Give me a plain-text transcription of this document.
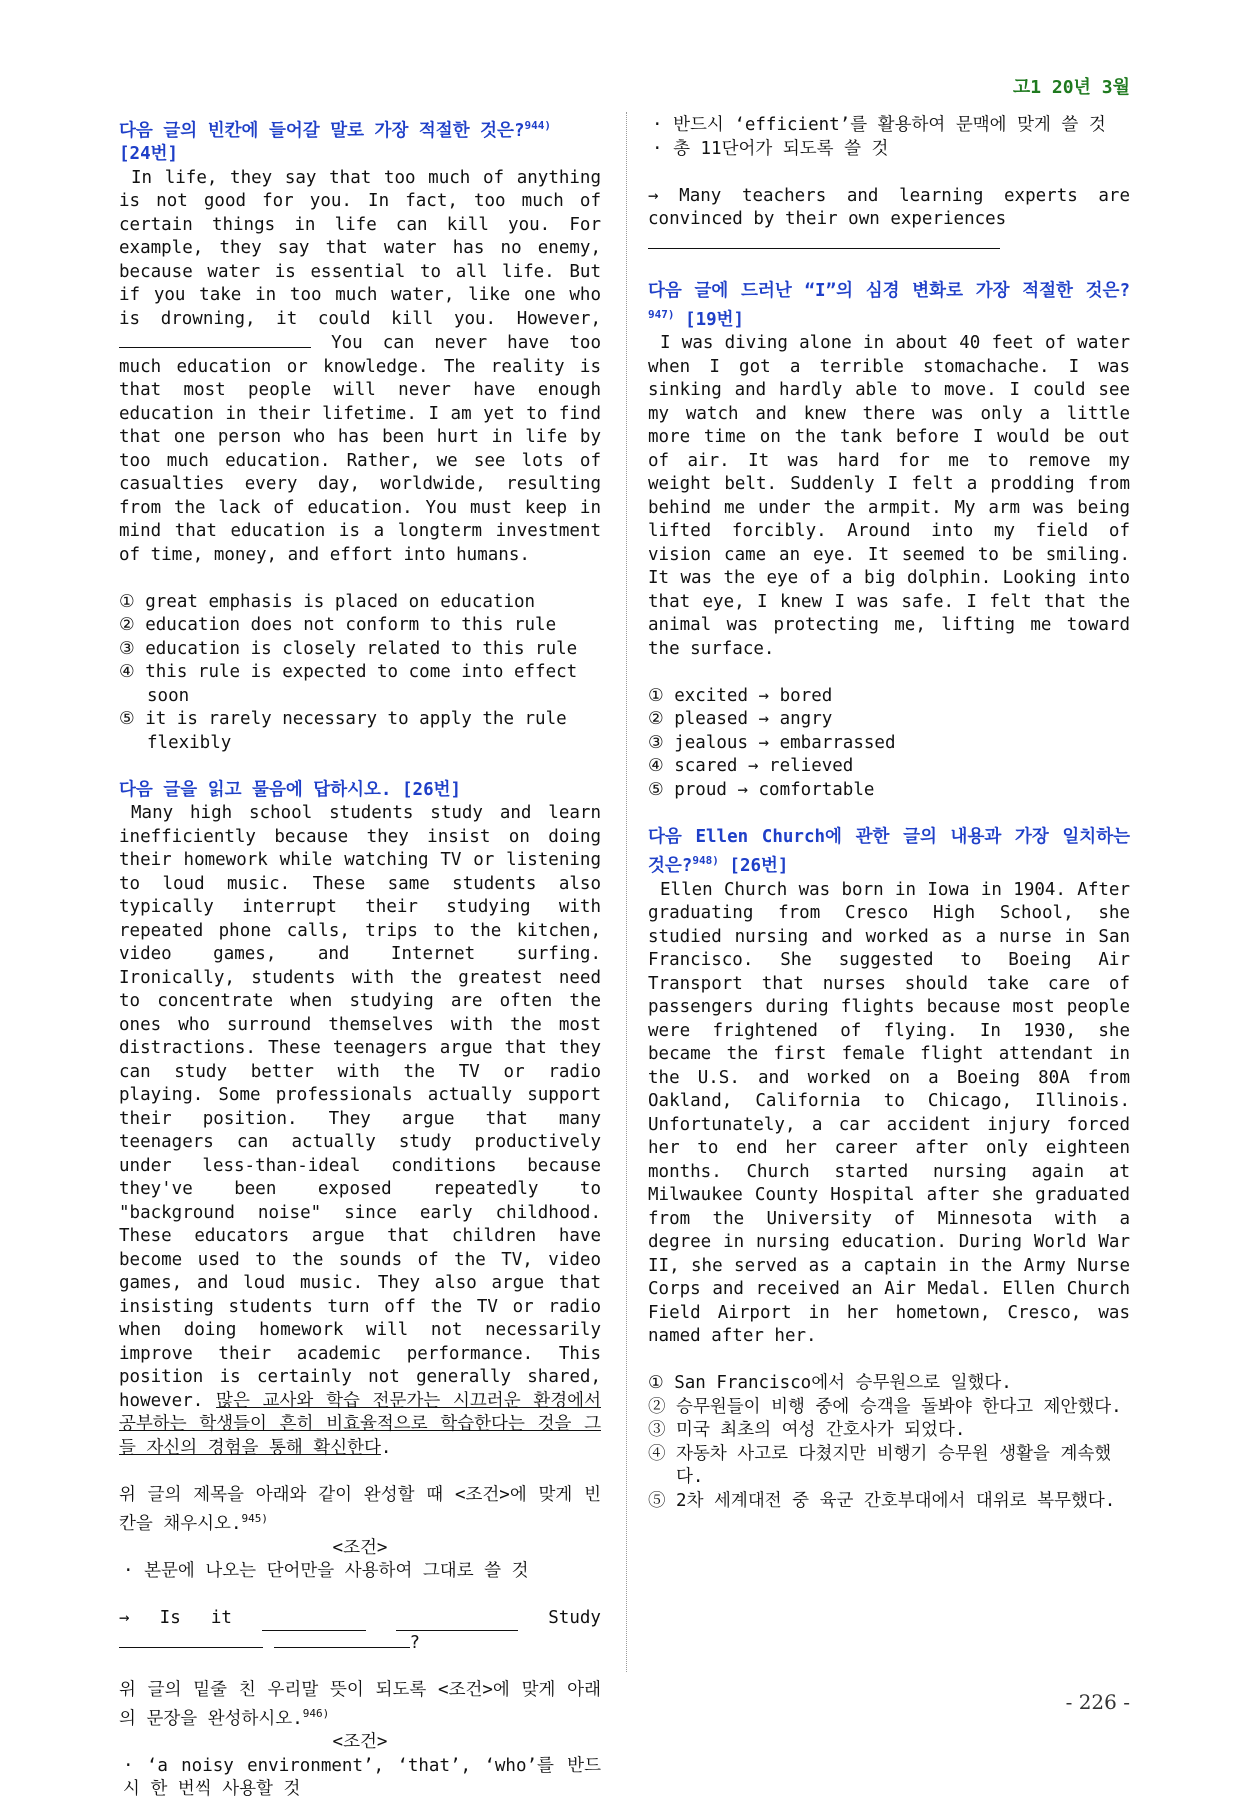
고1 20년 3월

다음 글의 빈칸에 들어갈 말로 가장 적절한 것은?$^{944)}$
[24번]

In life, they say that too much of anything is not good for you. In fact, too much of certain things in life can kill you. For example, they say that water has no enemy, because water is essential to all life. But if you take in too much water, like one who is drowning, it could kill you. However,  You can never have too much education or knowledge. The reality is that most people will never have enough education in their lifetime. I am yet to find that one person who has been hurt in life by too much education. Rather, we see lots of casualties every day, worldwide, resulting from the lack of education. You must keep in mind that education is a longterm investment of time, money, and effort into humans.

① great emphasis is placed on education
② education does not conform to this rule
③ education is closely related to this rule
④ this rule is expected to come into effect soon
⑤ it is rarely necessary to apply the rule flexibly

다음 글을 읽고 물음에 답하시오. [26번]

Many high school students study and learn inefficiently because they insist on doing their homework while watching TV or listening to loud music. These same students also typically interrupt their studying with repeated phone calls, trips to the kitchen, video games, and Internet surfing. Ironically, students with the greatest need to concentrate when studying are often the ones who surround themselves with the most distractions. These teenagers argue that they can study better with the TV or radio playing. Some professionals actually support their position. They argue that many teenagers can actually study productively under less-than-ideal conditions because they've been exposed repeatedly to "background noise" since early childhood. These educators argue that children have become used to the sounds of the TV, video games, and loud music. They also argue that insisting students turn off the TV or radio when doing homework will not necessarily improve their academic performance. This position is certainly not generally shared, however. 많은 교사와 학습 전문가는 시끄러운 환경에서 공부하는 학생들이 흔히 비효율적으로 학습한다는 것을 그들 자신의 경험을 통해 확신한다.

위 글의 제목을 아래와 같이 완성할 때 <조건>에 맞게 빈칸을 채우시오.$^{945)}$

<조건>

· 본문에 나오는 단어만을 사용하여 그대로 쓸 것

→ Is it	Study
?

위 글의 밑줄 친 우리말 뜻이 되도록 <조건>에 맞게 아래의 문장을 완성하시오.$^{946)}$

<조건>

· ‘a noisy environment’, ‘that’, ‘who’를 반드시 한 번씩 사용할 것

· 반드시 ‘efficient’를 활용하여 문맥에 맞게 쓸 것

· 총 11단어가 되도록 쓸 것

→ Many teachers and learning experts are convinced by their own experiences

다음 글에 드러난 “I”의 심경 변화로 가장 적절한 것은?$^{947)}$ [19번]

I was diving alone in about 40 feet of water when I got a terrible stomachache. I was sinking and hardly able to move. I could see my watch and knew there was only a little more time on the tank before I would be out of air. It was hard for me to remove my weight belt. Suddenly I felt a prodding from behind me under the armpit. My arm was being lifted forcibly. Around into my field of vision came an eye. It seemed to be smiling. It was the eye of a big dolphin. Looking into that eye, I knew I was safe. I felt that the animal was protecting me, lifting me toward the surface.

① excited → bored
② pleased → angry
③ jealous → embarrassed
④ scared → relieved
⑤ proud → comfortable

다음 Ellen Church에 관한 글의 내용과 가장 일치하는 것은?$^{948)}$ [26번]

Ellen Church was born in Iowa in 1904. After graduating from Cresco High School, she studied nursing and worked as a nurse in San Francisco. She suggested to Boeing Air Transport that nurses should take care of passengers during flights because most people were frightened of flying. In 1930, she became the first female flight attendant in the U.S. and worked on a Boeing 80A from Oakland, California to Chicago, Illinois. Unfortunately, a car accident injury forced her to end her career after only eighteen months. Church started nursing again at Milwaukee County Hospital after she graduated from the University of Minnesota with a degree in nursing education. During World War II, she served as a captain in the Army Nurse Corps and received an Air Medal. Ellen Church Field Airport in her hometown, Cresco, was named after her.

① San Francisco에서 승무원으로 일했다.
② 승무원들이 비행 중에 승객을 돌봐야 한다고 제안했다.
③ 미국 최초의 여성 간호사가 되었다.
④ 자동차 사고로 다쳤지만 비행기 승무원 생활을 계속했다.
⑤ 2차 세계대전 중 육군 간호부대에서 대위로 복무했다.
- 226 -
